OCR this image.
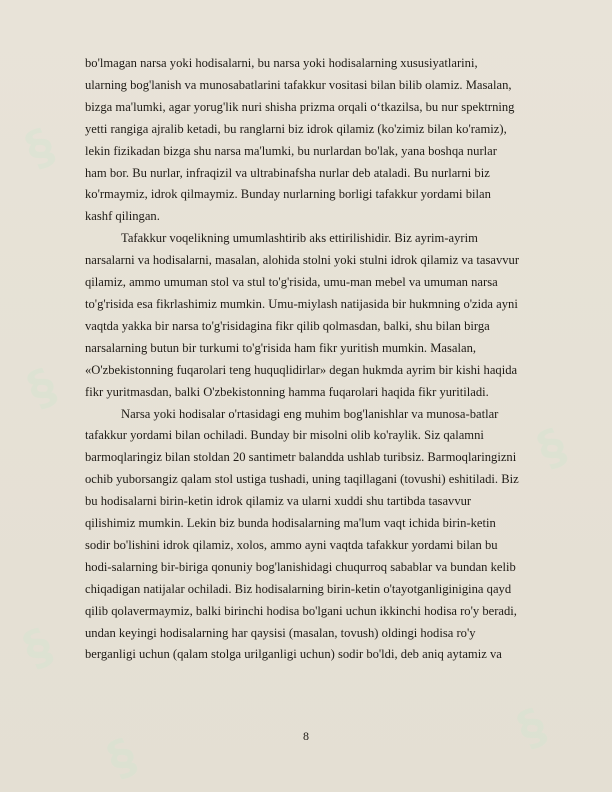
§
§
§
§
§
§
bo'lmagan narsa yoki hodisalarni, bu narsa yoki hodisalarning xususiyatlarini,
ularning bog'lanish va munosabatlarini tafakkur vositasi bilan bilib olamiz. Masalan,
bizga ma'lumki, agar yorug'lik nuri shisha prizma orqali o‘tkazilsa, bu nur spektrning
yetti rangiga ajralib ketadi, bu ranglarni biz idrok qilamiz (ko'zimiz bilan ko'ramiz),
lekin fizikadan bizga shu narsa ma'lumki, bu nurlardan bo'lak, yana boshqa nurlar
ham bor. Bu nurlar, infraqizil va ultrabinafsha nurlar deb ataladi. Bu nurlarni biz
ko'rmaymiz, idrok qilmaymiz. Bunday nurlarning borligi tafakkur yordami bilan
kashf qilingan.
Tafakkur voqelikning umumlashtirib aks ettirilishidir. Biz ayrim-ayrim
narsalarni va hodisalarni, masalan, alohida stolni yoki stulni idrok qilamiz va tasavvur
qilamiz, ammo umuman stol va stul to'g'risida, umu-man mebel va umuman narsa
to'g'risida esa fikrlashimiz mumkin. Umu-miylash natijasida bir hukmning o'zida ayni
vaqtda yakka bir narsa to'g'risidagina fikr qilib qolmasdan, balki, shu bilan birga
narsalarning butun bir turkumi to'g'risida ham fikr yuritish mumkin. Masalan,
«O'zbekistonning fuqarolari teng huquqlidirlar» degan hukmda ayrim bir kishi haqida
fikr yuritmasdan, balki O'zbekistonning hamma fuqarolari haqida fikr yuritiladi.
Narsa yoki hodisalar o'rtasidagi eng muhim bog'lanishlar va munosa-batlar
tafakkur yordami bilan ochiladi. Bunday bir misolni olib ko'raylik. Siz qalamni
barmoqlaringiz bilan stoldan 20 santimetr balandda ushlab turibsiz. Barmoqlaringizni
ochib yuborsangiz qalam stol ustiga tushadi, uning taqillagani (tovushi) eshitiladi. Biz
bu hodisalarni birin-ketin idrok qilamiz va ularni xuddi shu tartibda tasavvur
qilishimiz mumkin. Lekin biz bunda hodisalarning ma'lum vaqt ichida birin-ketin
sodir bo'lishini idrok qilamiz, xolos, ammo ayni vaqtda tafakkur yordami bilan bu
hodi-salarning bir-biriga qonuniy bog'lanishidagi chuqurroq sabablar va bundan kelib
chiqadigan natijalar ochiladi. Biz hodisalarning birin-ketin o'tayotganliginigina qayd
qilib qolavermaymiz, balki birinchi hodisa bo'lgani uchun ikkinchi hodisa ro'y beradi,
undan keyingi hodisalarning har qaysisi (masalan, tovush) oldingi hodisa ro'y
berganligi uchun (qalam stolga urilganligi uchun) sodir bo'ldi, deb aniq aytamiz va
8
